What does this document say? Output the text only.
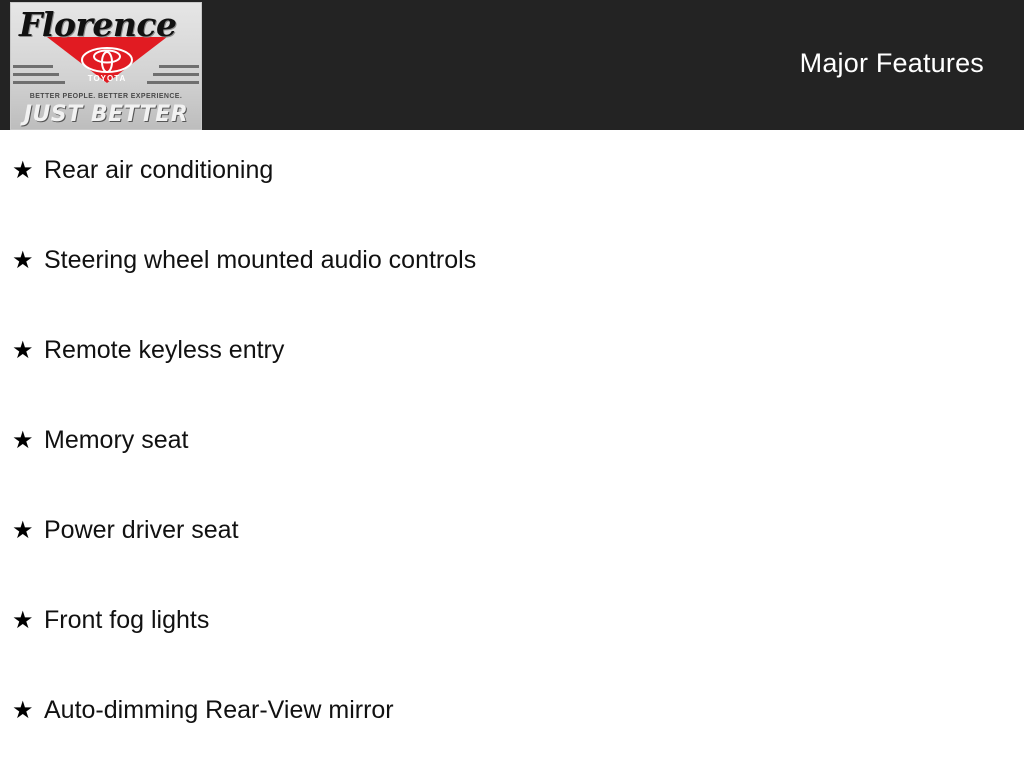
Florence
TOYOTA
BETTER PEOPLE. BETTER EXPERIENCE.
JUST BETTER
Major Features
★ Rear air conditioning
★ Steering wheel mounted audio controls
★ Remote keyless entry
★ Memory seat
★ Power driver seat
★ Front fog lights
★ Auto-dimming Rear-View mirror
